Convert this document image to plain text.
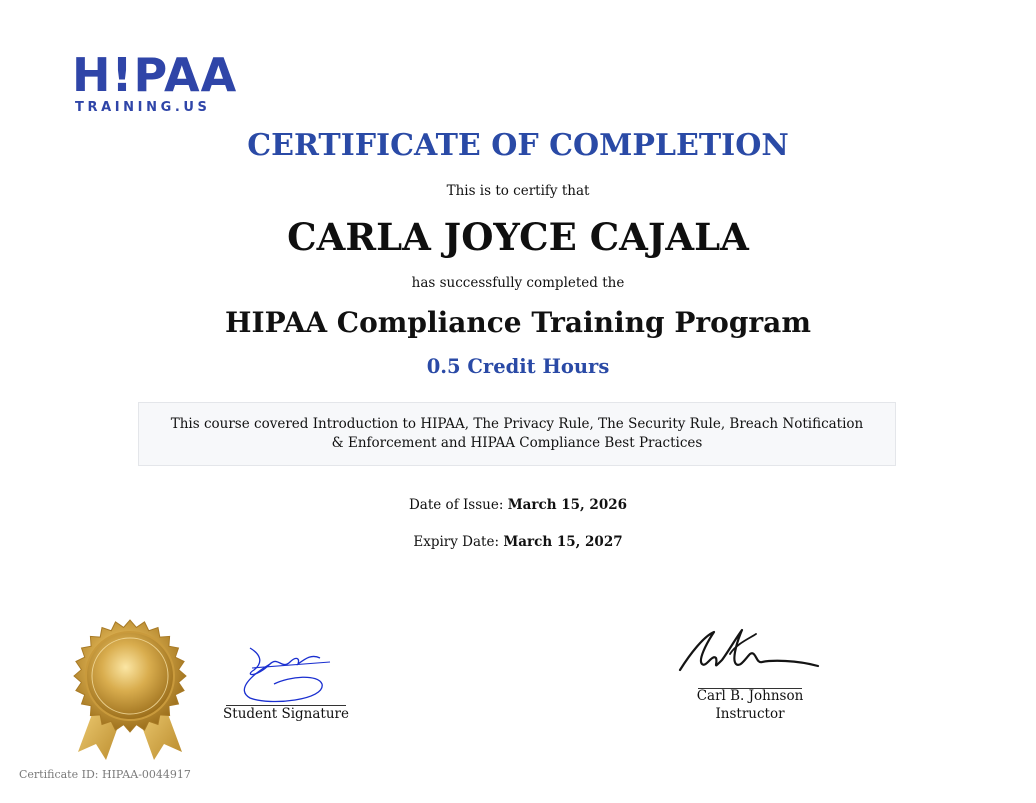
H!PAA
TRAINING.US
CERTIFICATE OF COMPLETION
This is to certify that
CARLA JOYCE CAJALA
has successfully completed the
HIPAA Compliance Training Program
0.5 Credit Hours
This course covered Introduction to HIPAA, The Privacy Rule, The Security Rule, Breach Notification & Enforcement and HIPAA Compliance Best Practices
Date of Issue: March 15, 2026
Expiry Date: March 15, 2027
Student Signature
Carl B. Johnson
Instructor
Certificate ID: HIPAA-0044917
